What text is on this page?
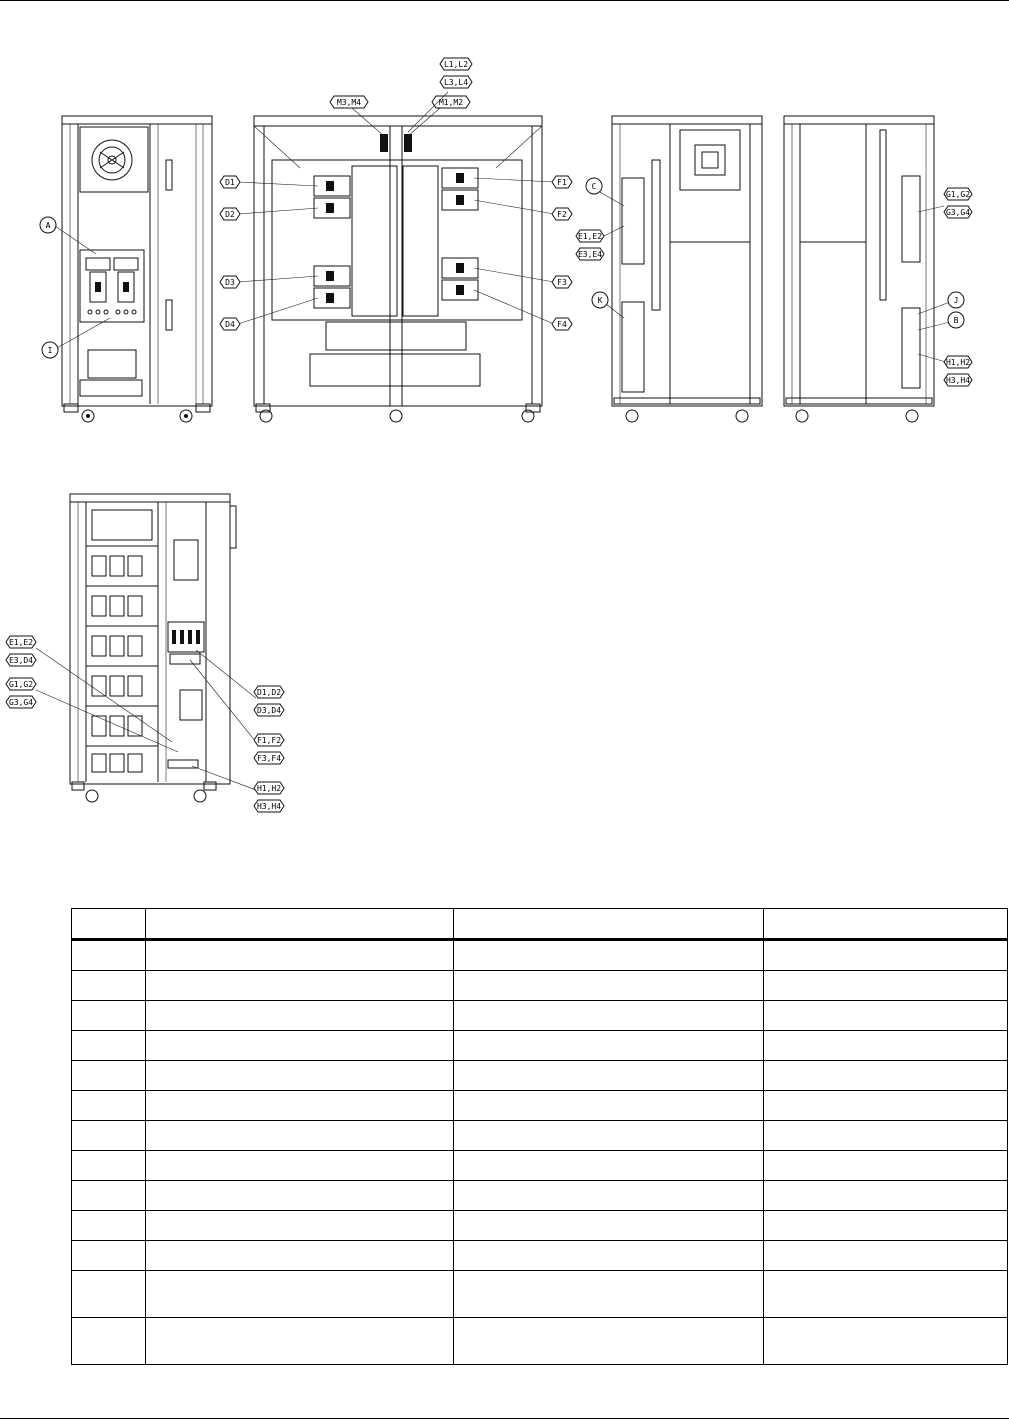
A
I
D1
D2
D3
D4
F1
F2
F3
F4
M3,M4	M1,M2
L1,L2
L3,L4
C
E1,E2
E3,E4
K
G1,G2
G3,G4
J
B
H1,H2
H3,H4
E1,E2
E3,D4
G1,G2
G3,G4
D1,D2
D3,D4
F1,F2
F3,F4
H1,H2
H3,H4
